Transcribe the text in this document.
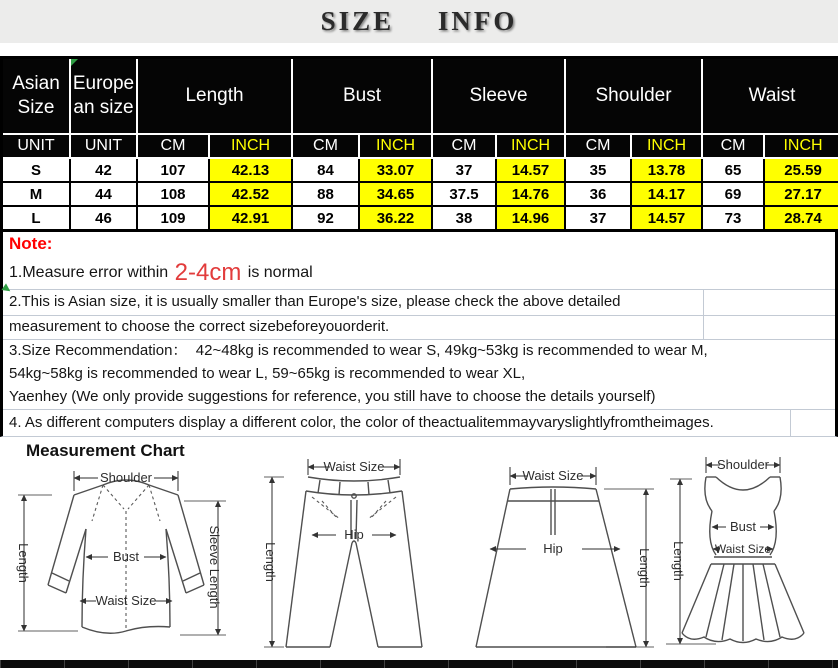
SIZE INFO
Asian Size	Europe an size	Length		Bust		Sleeve		Shoulder		Waist	
UNIT	UNIT	CM	INCH	CM	INCH	CM	INCH	CM	INCH	CM	INCH
S	42	107	42.13	84	33.07	37	14.57	35	13.78	65	25.59
M	44	108	42.52	88	34.65	37.5	14.76	36	14.17	69	27.17
L	46	109	42.91	92	36.22	38	14.96	37	14.57	73	28.74
Note:
1.Measure error within 2-4cm is normal
2.This is Asian size, it is usually smaller than Europe's size, please check the above detailed
measurement to choose the correct sizebeforeyouorderit.
3.Size Recommendation：  42~48kg is recommended to wear S, 49kg~53kg is recommended to wear M,
54kg~58kg is recommended to wear L, 59~65kg is recommended to wear XL,
Yaenhey (We only provide suggestions for reference, you still have to choose the details yourself)
4. As different computers display a different color, the color of theactualitemmayvaryslightlyfromtheimages.
Measurement Chart
Shoulder
Length	Bust
Waist Size	Sleeve Length
Waist Size
Hip
Length
Waist Size
Hip	Length
Shoulder
Bust
Waist Size
Length
